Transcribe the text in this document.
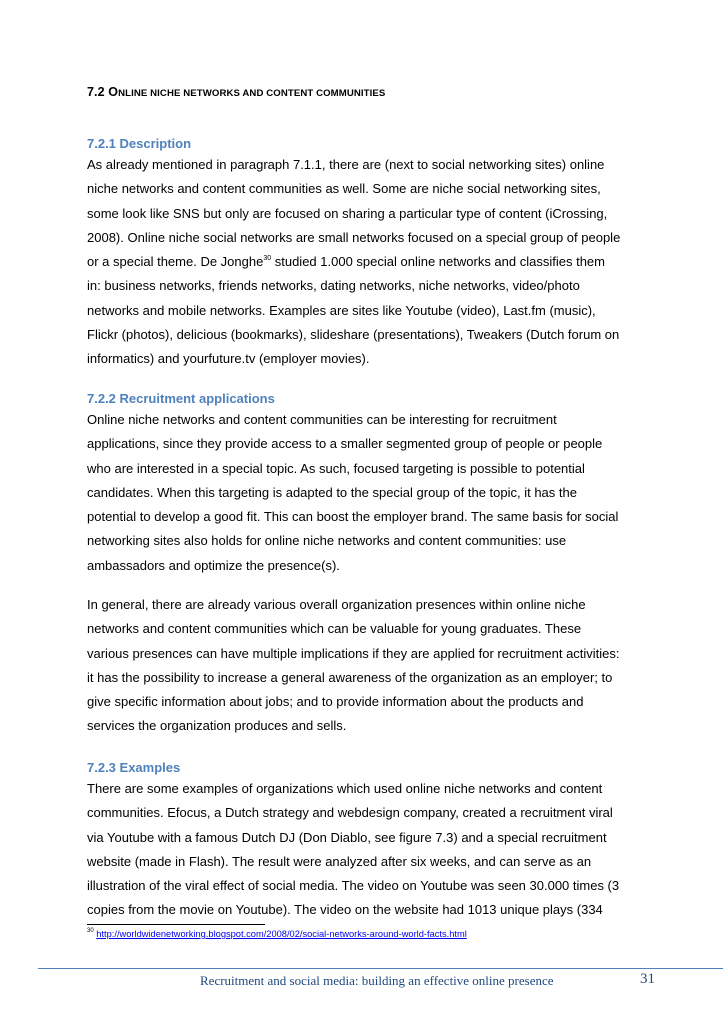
7.2 ONLINE NICHE NETWORKS AND CONTENT COMMUNITIES
7.2.1 Description
As already mentioned in paragraph 7.1.1, there are (next to social networking sites) online
niche networks and content communities as well. Some are niche social networking sites,
some look like SNS but only are focused on sharing a particular type of content (iCrossing,
2008). Online niche social networks are small networks focused on a special group of people
or a special theme. De Jonghe$^{30}$ studied 1.000 special online networks and classifies them
in: business networks, friends networks, dating networks, niche networks, video/photo
networks and mobile networks. Examples are sites like Youtube (video), Last.fm (music),
Flickr (photos), delicious (bookmarks), slideshare (presentations), Tweakers (Dutch forum on
informatics) and yourfuture.tv (employer movies).
7.2.2 Recruitment applications
Online niche networks and content communities can be interesting for recruitment
applications, since they provide access to a smaller segmented group of people or people
who are interested in a special topic. As such, focused targeting is possible to potential
candidates. When this targeting is adapted to the special group of the topic, it has the
potential to develop a good fit. This can boost the employer brand. The same basis for social
networking sites also holds for online niche networks and content communities: use
ambassadors and optimize the presence(s).
In general, there are already various overall organization presences within online niche
networks and content communities which can be valuable for young graduates. These
various presences can have multiple implications if they are applied for recruitment activities:
it has the possibility to increase a general awareness of the organization as an employer; to
give specific information about jobs; and to provide information about the products and
services the organization produces and sells.
7.2.3 Examples
There are some examples of organizations which used online niche networks and content
communities. Efocus, a Dutch strategy and webdesign company, created a recruitment viral
via Youtube with a famous Dutch DJ (Don Diablo, see figure 7.3) and a special recruitment
website (made in Flash). The result were analyzed after six weeks, and can serve as an
illustration of the viral effect of social media. The video on Youtube was seen 30.000 times (3
copies from the movie on Youtube). The video on the website had 1013 unique plays (334
$^{30}$ http://worldwidenetworking.blogspot.com/2008/02/social-networks-around-world-facts.html
Recruitment and social media: building an effective online presence	31
